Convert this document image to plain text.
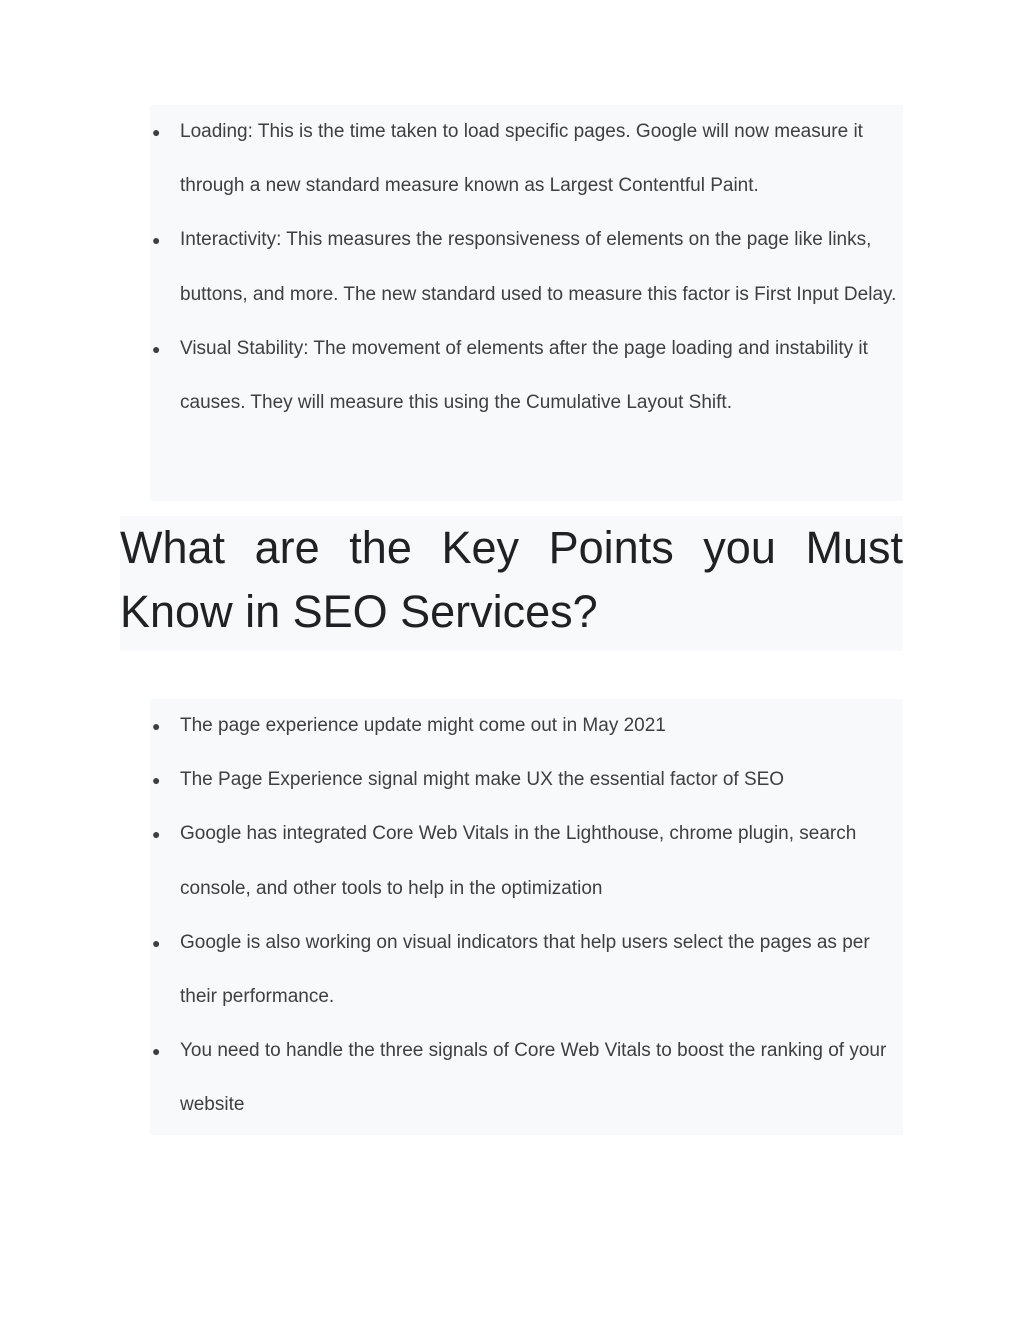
● Loading: This is the time taken to load specific pages. Google will now measure it through a new standard measure known as Largest Contentful Paint.
● Interactivity: This measures the responsiveness of elements on the page like links, buttons, and more. The new standard used to measure this factor is First Input Delay.
● Visual Stability: The movement of elements after the page loading and instability it causes. They will measure this using the Cumulative Layout Shift.
What are the Key Points you Must Know in SEO Services?
● The page experience update might come out in May 2021
● The Page Experience signal might make UX the essential factor of SEO
● Google has integrated Core Web Vitals in the Lighthouse, chrome plugin, search console, and other tools to help in the optimization
● Google is also working on visual indicators that help users select the pages as per their performance.
● You need to handle the three signals of Core Web Vitals to boost the ranking of your website
